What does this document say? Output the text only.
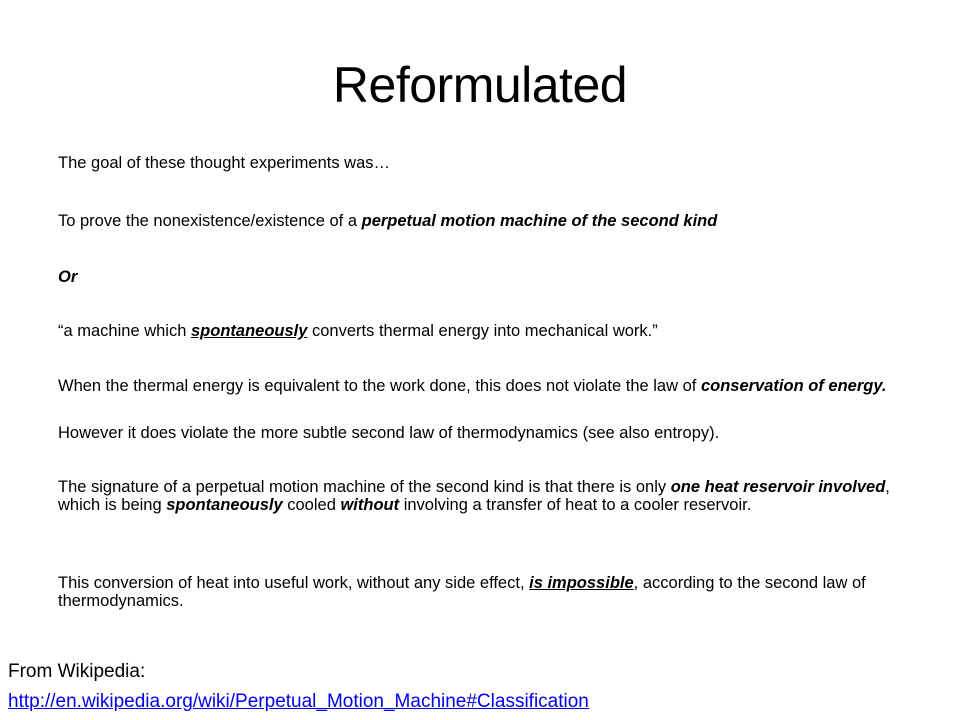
Reformulated
The goal of these thought experiments was…
To prove the nonexistence/existence of a perpetual motion machine of the second kind
Or
“a machine which spontaneously converts thermal energy into mechanical work.”
When the thermal energy is equivalent to the work done, this does not violate the law of conservation of energy.
However it does violate the more subtle second law of thermodynamics (see also entropy).
The signature of a perpetual motion machine of the second kind is that there is only one heat reservoir involved, which is being spontaneously cooled without involving a transfer of heat to a cooler reservoir.
This conversion of heat into useful work, without any side effect, is impossible, according to the second law of thermodynamics.
From Wikipedia:
http://en.wikipedia.org/wiki/Perpetual_Motion_Machine#Classification
